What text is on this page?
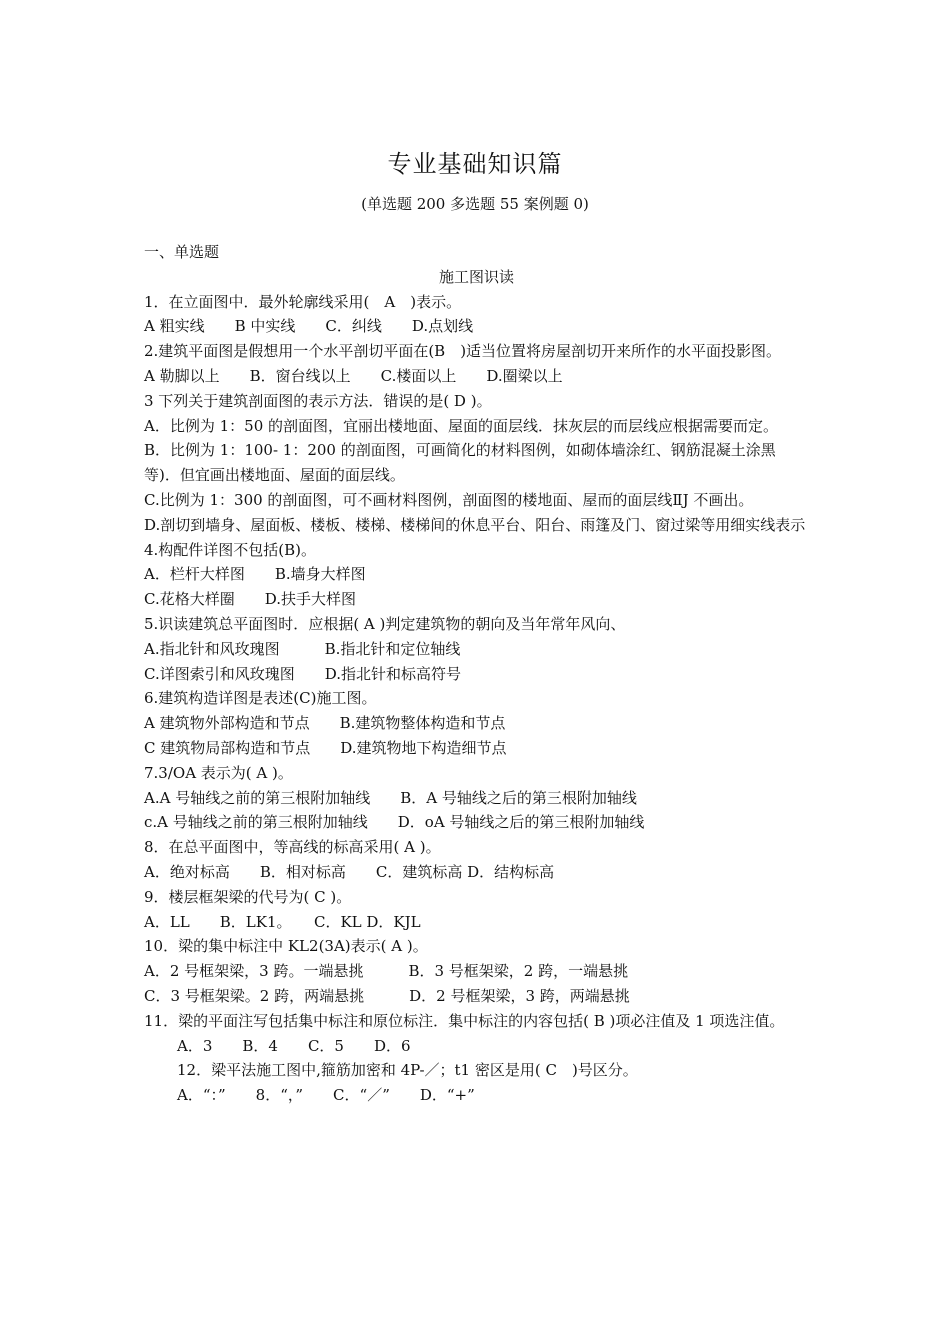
专业基础知识篇
(单选题 200 多选题 55 案例题 0)
一、单选题
施工图识读
1．在立面图中．最外轮廓线采用(　A　)表示。
A 粗实线　　B 中实线　　C．纠线　　D.点划线
2.建筑平面图是假想用一个水平剖切平面在(B　)适当位置将房屋剖切开来所作的水平面投影图。
A 勒脚以上　　B．窗台线以上　　C.楼面以上　　D.圈梁以上
3 下列关于建筑剖面图的表示方法．错误的是( D )。
A．比例为 1：50 的剖面图，宜丽出楼地面、屋面的面层线．抹灰层的而层线应根据需要而定。
B．比例为 1：100- 1：200 的剖面图，可画简化的材料图例，如砌体墙涂红、钢筋混凝土涂黑等)．但宜画出楼地面、屋面的面层线。
C.比例为 1：300 的剖面图，可不画材料图例，剖面图的楼地面、屋而的面层线ⅡJ 不画出。
D.剖切到墙身、屋面板、楼板、楼梯、楼梯间的休息平台、阳台、雨篷及门、窗过梁等用细实线表示
4.构配件详图不包括(B)。
A．栏杆大样图　　B.墙身大样图
C.花格大样圈　　D.扶手大样图
5.识读建筑总平面图时．应根据( A )判定建筑物的朝向及当年常年风向、
A.指北针和风玫瑰图　　　B.指北针和定位轴线
C.详图索引和风玫瑰图　　D.指北针和标高符号
6.建筑构造详图是表述(C)施工图。
A 建筑物外部构造和节点　　B.建筑物整体构造和节点
C 建筑物局部构造和节点　　D.建筑物地下构造细节点
7.3/OA 表示为( A )。
A.A 号轴线之前的第三根附加轴线　　B．A 号轴线之后的第三根附加轴线
c.A 号轴线之前的第三根附加轴线　　D．oA 号轴线之后的第三根附加轴线
8．在总平面图中，等高线的标高采用( A )。
A．绝对标高　　B．相对标高　　C．建筑标高 D．结构标高
9．楼层框架梁的代号为( C )。
A．LL　　B．LK1。　　C．KL D．KJL
10．梁的集中标注中 KL2(3A)表示( A )。
A．2 号框架梁，3 跨。一端悬挑　　　B．3 号框架梁，2 跨，一端悬挑
C．3 号框架梁。2 跨，两端悬挑　　　D．2 号框架梁，3 跨，两端悬挑
11．梁的平面注写包括集中标注和原位标注．集中标注的内容包括( B )项必注值及 1 项选注值。
A．3　　B．4　　C．5　　D．6
12．梁平法施工图中,箍筋加密和 4P-／；t1 密区是用( C　)号区分。
A．“：”　　8．“，”　　C．“／”　　D．“+”
